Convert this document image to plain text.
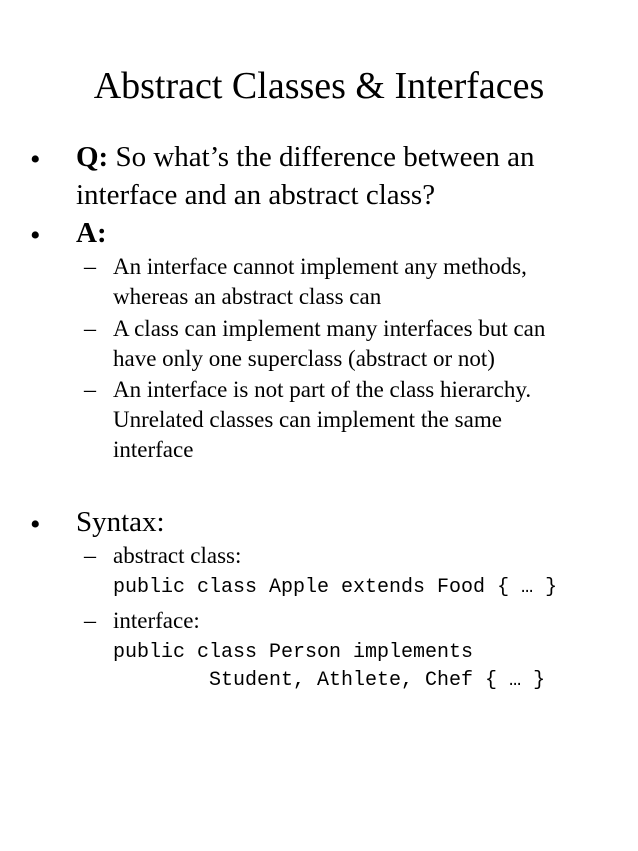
Abstract Classes & Interfaces
• Q: So what’s the difference between an
interface and an abstract class?
• A:
– An interface cannot implement any methods,
whereas an abstract class can
– A class can implement many interfaces but can
have only one superclass (abstract or not)
– An interface is not part of the class hierarchy.
Unrelated classes can implement the same
interface
• Syntax:
– abstract class:
public class Apple extends Food { … }
– interface:
public class Person implements
Student, Athlete, Chef { … }
